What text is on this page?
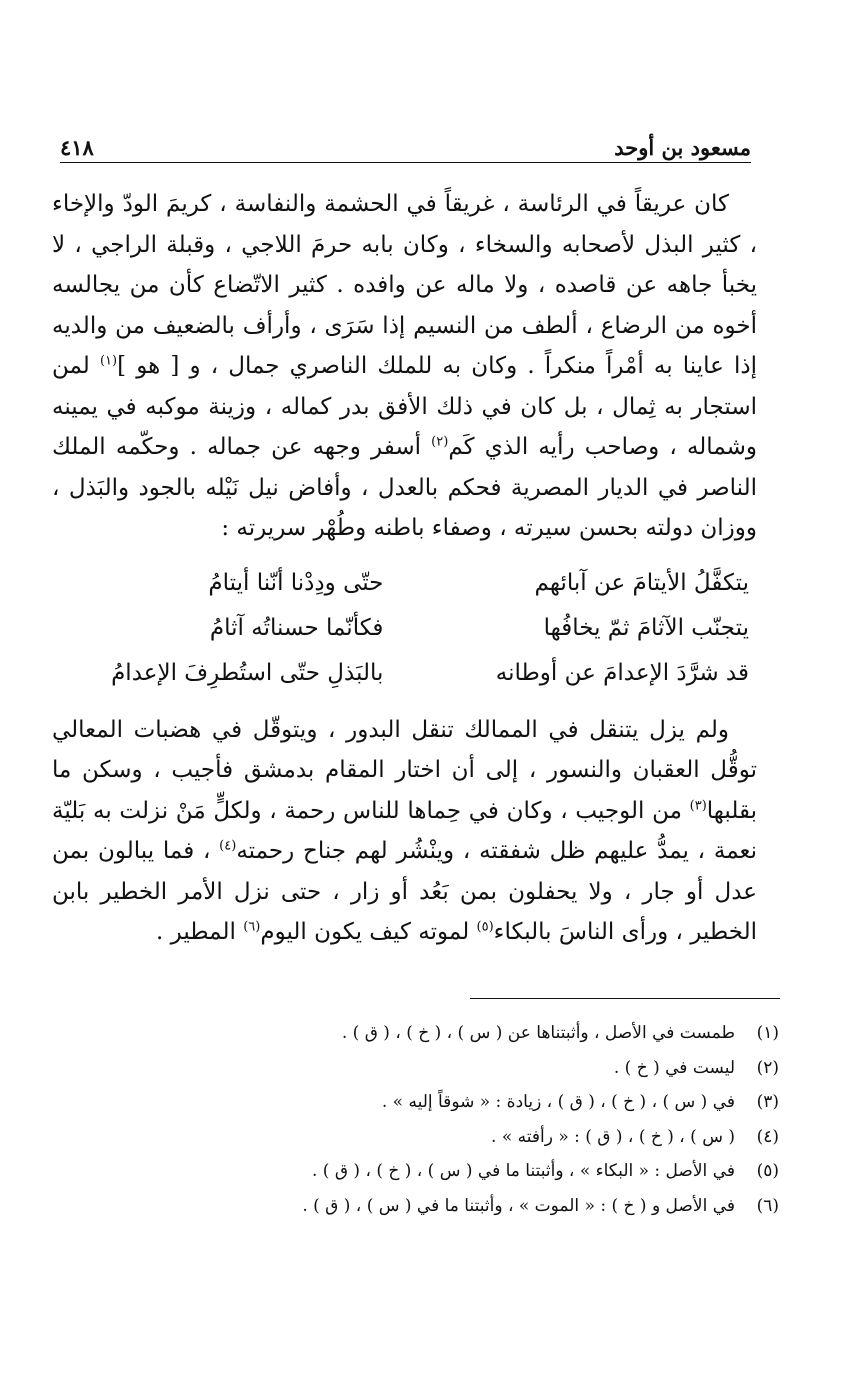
مسعود بن أوحد
٤١٨

كان عريقاً في الرئاسة ، غريقاً في الحشمة والنفاسة ، كريمَ الودّ والإخاء ، كثير البذل لأصحابه والسخاء ، وكان بابه حرمَ اللاجي ، وقبلة الراجي ، لا يخبأ جاهه عن قاصده ، ولا ماله عن وافده . كثير الاتّضاع كأن من يجالسه أخوه من الرضاع ، ألطف من النسيم إذا سَرَى ، وأرأف بالضعيف من والديه إذا عاينا به أمْراً منكراً . وكان به للملك الناصري جمال ، و [ هو ]$^{(١)}$ لمن استجار به ثِمال ، بل كان في ذلك الأفق بدر كماله ، وزينة موكبه في يمينه وشماله ، وصاحب رأيه الذي كَم$^{(٢)}$ أسفر وجهه عن جماله . وحكّمه الملك الناصر في الديار المصرية فحكم بالعدل ، وأفاض نيل نَيْله بالجود والبَذل ، ووزان دولته بحسن سيرته ، وصفاء باطنه وطُهْر سريرته :

يتكفَّلُ الأيتامَ عن آبائهم
حتّى ودِدْنا أنّنا أيتامُ
يتجنّب الآثامَ ثمّ يخافُها
فكأنّما حسناتُه آثامُ
قد شرَّدَ الإعدامَ عن أوطانه
بالبَذلِ حتّى استُطرِفَ الإعدامُ

ولم يزل يتنقل في الممالك تنقل البدور ، ويتوقّل في هضبات المعالي توقُّل العقبان والنسور ، إلى أن اختار المقام بدمشق فأجيب ، وسكن ما بقلبها$^{(٣)}$ من الوجيب ، وكان في حِماها للناس رحمة ، ولكلٍّ مَنْ نزلت به بَليّة نعمة ، يمدُّ عليهم ظل شفقته ، وينْشُر لهم جناح رحمته$^{(٤)}$ ، فما يبالون بمن عدل أو جار ، ولا يحفلون بمن بَعُد أو زار ، حتى نزل الأمر الخطير بابن الخطير ، ورأى الناسَ بالبكاء$^{(٥)}$ لموته كيف يكون اليوم$^{(٦)}$ المطير .

(١)
طمست في الأصل ، وأثبتناها عن ( س ) ، ( خ ) ، ( ق ) .
(٢)
ليست في ( خ ) .
(٣)
في ( س ) ، ( خ ) ، ( ق ) ، زيادة : « شوقاً إليه » .
(٤)
( س ) ، ( خ ) ، ( ق ) : « رأفته » .
(٥)
في الأصل : « البكاء » ، وأثبتنا ما في ( س ) ، ( خ ) ، ( ق ) .
(٦)
في الأصل و ( خ ) : « الموت » ، وأثبتنا ما في ( س ) ، ( ق ) .
